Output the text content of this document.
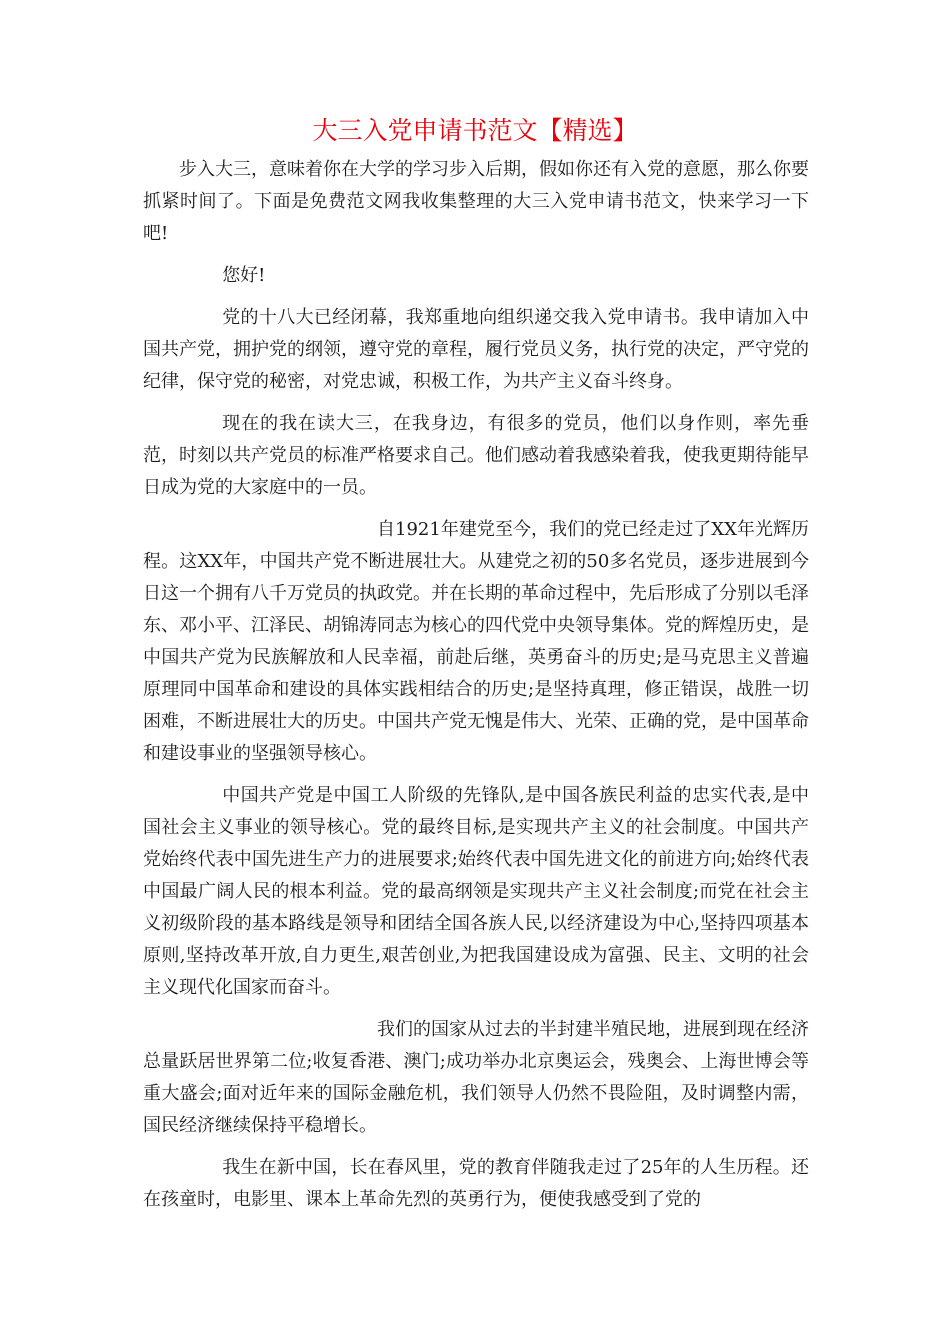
大三入党申请书范文【精选】

步入大三，意味着你在大学的学习步入后期，假如你还有入党的意愿，那么你要抓紧时间了。下面是免费范文网我收集整理的大三入党申请书范文，快来学习一下吧!

您好!

党的十八大已经闭幕，我郑重地向组织递交我入党申请书。我申请加入中国共产党，拥护党的纲领，遵守党的章程，履行党员义务，执行党的决定，严守党的纪律，保守党的秘密，对党忠诚，积极工作，为共产主义奋斗终身。

现在的我在读大三，在我身边，有很多的党员，他们以身作则，率先垂范，时刻以共产党员的标准严格要求自己。他们感动着我感染着我，使我更期待能早日成为党的大家庭中的一员。

自1921年建党至今，我们的党已经走过了XX年光辉历程。这XX年，中国共产党不断进展壮大。从建党之初的50多名党员，逐步进展到今日这一个拥有八千万党员的执政党。并在长期的革命过程中，先后形成了分别以毛泽东、邓小平、江泽民、胡锦涛同志为核心的四代党中央领导集体。党的辉煌历史，是中国共产党为民族解放和人民幸福，前赴后继，英勇奋斗的历史;是马克思主义普遍原理同中国革命和建设的具体实践相结合的历史;是坚持真理，修正错误，战胜一切困难，不断进展壮大的历史。中国共产党无愧是伟大、光荣、正确的党，是中国革命和建设事业的坚强领导核心。

中国共产党是中国工人阶级的先锋队,是中国各族民利益的忠实代表,是中国社会主义事业的领导核心。党的最终目标,是实现共产主义的社会制度。中国共产党始终代表中国先进生产力的进展要求;始终代表中国先进文化的前进方向;始终代表中国最广阔人民的根本利益。党的最高纲领是实现共产主义社会制度;而党在社会主义初级阶段的基本路线是领导和团结全国各族人民,以经济建设为中心,坚持四项基本原则,坚持改革开放,自力更生,艰苦创业,为把我国建设成为富强、民主、文明的社会主义现代化国家而奋斗。

我们的国家从过去的半封建半殖民地，进展到现在经济总量跃居世界第二位;收复香港、澳门;成功举办北京奥运会，残奥会、上海世博会等重大盛会;面对近年来的国际金融危机，我们领导人仍然不畏险阻，及时调整内需，国民经济继续保持平稳增长。

我生在新中国，长在春风里，党的教育伴随我走过了25年的人生历程。还在孩童时，电影里、课本上革命先烈的英勇行为，便使我感受到了党的
